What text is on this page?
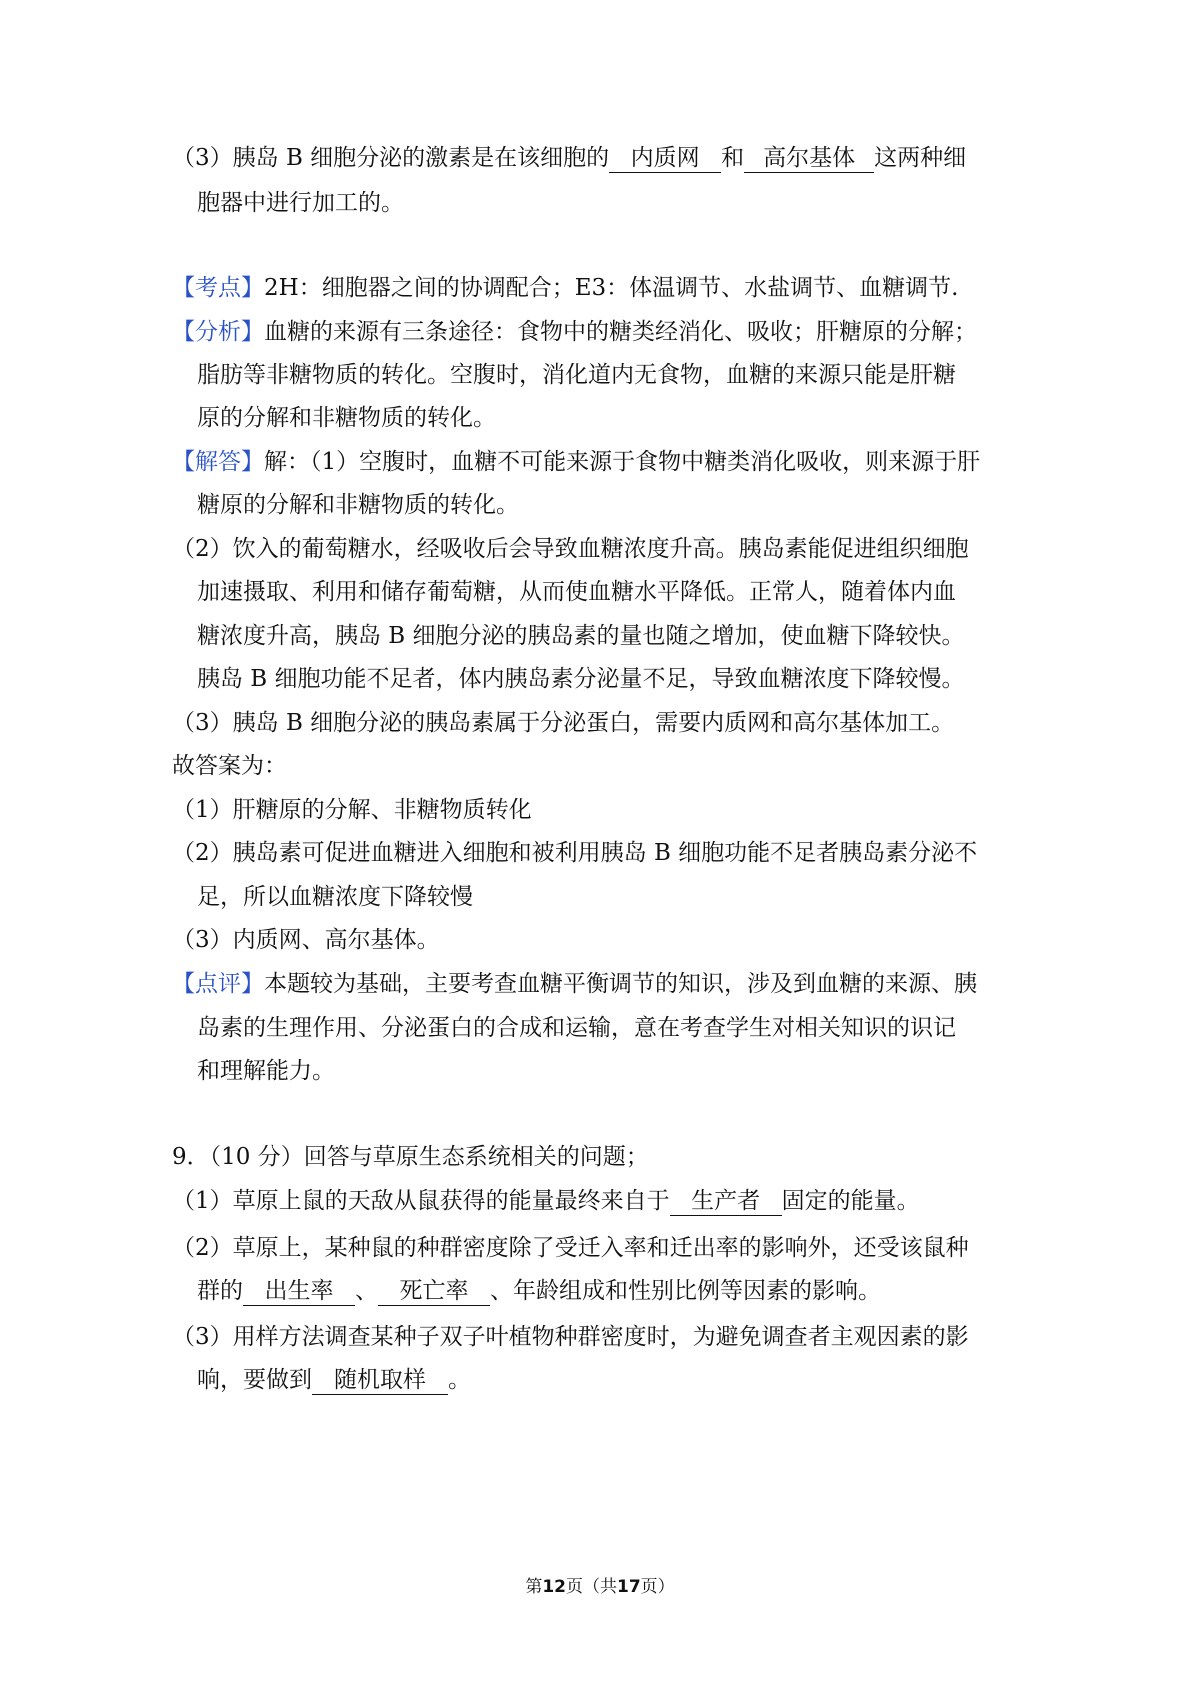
（3）胰岛 B 细胞分泌的激素是在该细胞的 内质网 和 高尔基体 这两种细
胞器中进行加工的。
【考点】2H：细胞器之间的协调配合；E3：体温调节、水盐调节、血糖调节.
【分析】血糖的来源有三条途径：食物中的糖类经消化、吸收；肝糖原的分解；
脂肪等非糖物质的转化。空腹时，消化道内无食物，血糖的来源只能是肝糖
原的分解和非糖物质的转化。
【解答】解：（1）空腹时，血糖不可能来源于食物中糖类消化吸收，则来源于肝
糖原的分解和非糖物质的转化。
（2）饮入的葡萄糖水，经吸收后会导致血糖浓度升高。胰岛素能促进组织细胞
加速摄取、利用和储存葡萄糖，从而使血糖水平降低。正常人，随着体内血
糖浓度升高，胰岛 B 细胞分泌的胰岛素的量也随之增加，使血糖下降较快。
胰岛 B 细胞功能不足者，体内胰岛素分泌量不足，导致血糖浓度下降较慢。
（3）胰岛 B 细胞分泌的胰岛素属于分泌蛋白，需要内质网和高尔基体加工。
故答案为：
（1）肝糖原的分解、非糖物质转化
（2）胰岛素可促进血糖进入细胞和被利用胰岛 B 细胞功能不足者胰岛素分泌不
足，所以血糖浓度下降较慢
（3）内质网、高尔基体。
【点评】本题较为基础，主要考查血糖平衡调节的知识，涉及到血糖的来源、胰
岛素的生理作用、分泌蛋白的合成和运输，意在考查学生对相关知识的识记
和理解能力。
9．（10 分）回答与草原生态系统相关的问题；
（1）草原上鼠的天敌从鼠获得的能量最终来自于 生产者 固定的能量。
（2）草原上，某种鼠的种群密度除了受迁入率和迁出率的影响外，还受该鼠种
群的 出生率 、 死亡率 、年龄组成和性别比例等因素的影响。
（3）用样方法调查某种子双子叶植物种群密度时，为避免调查者主观因素的影
响，要做到 随机取样 。
第12页（共17页）
